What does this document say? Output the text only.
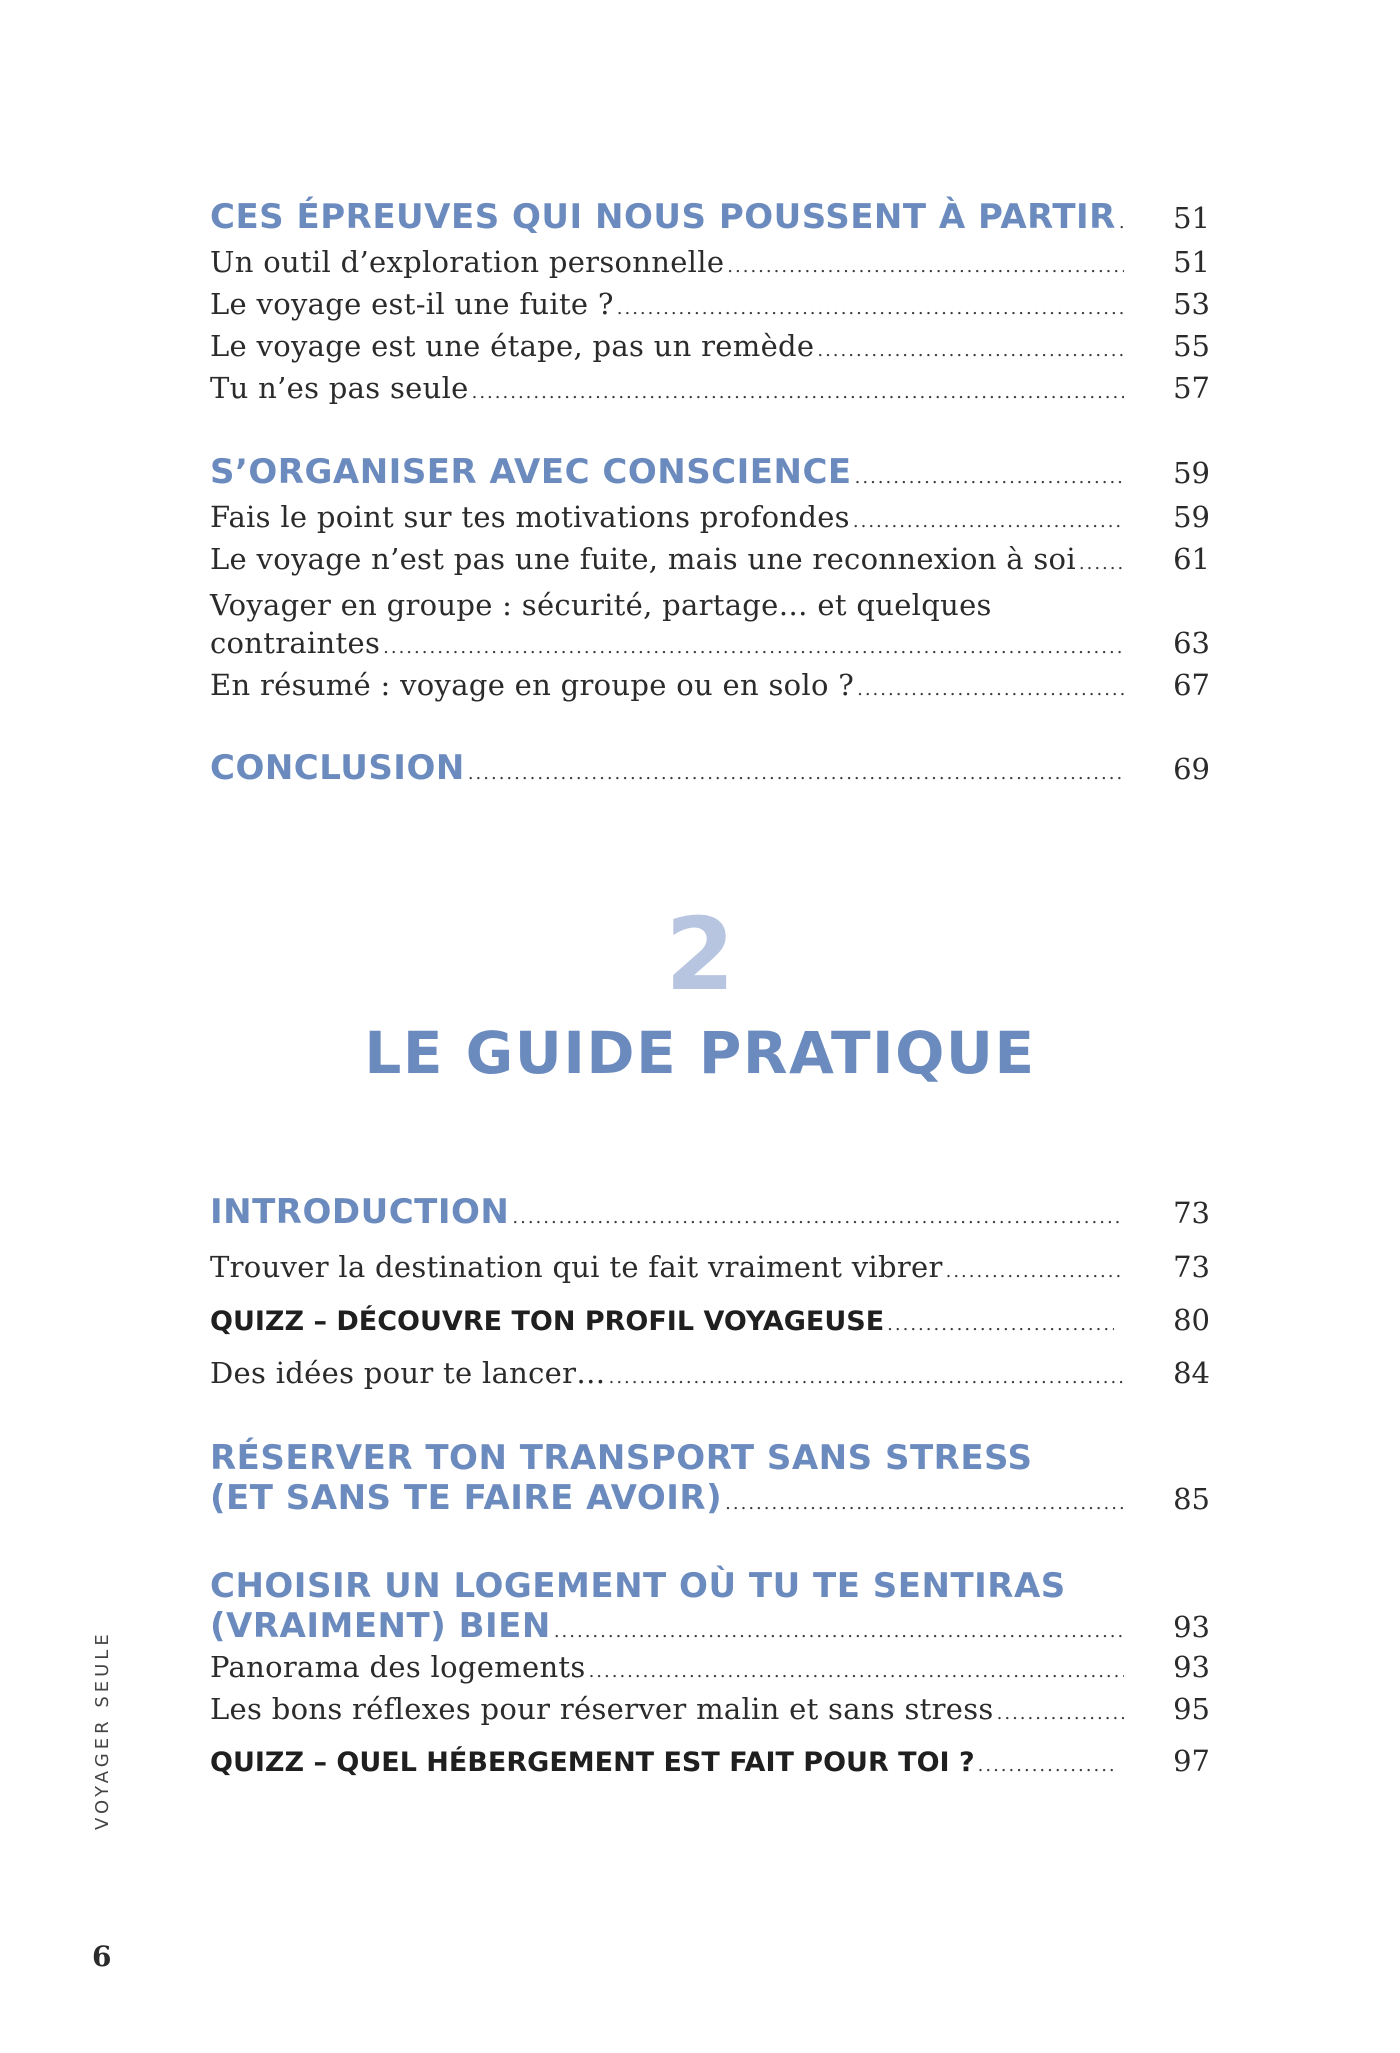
CES ÉPREUVES QUI NOUS POUSSENT À PARTIR .....	51
Un outil d’exploration personnelle .....	51
Le voyage est-il une fuite ? .....	53
Le voyage est une étape, pas un remède .....	55
Tu n’es pas seule .....	57
S’ORGANISER AVEC CONSCIENCE .....	59
Fais le point sur tes motivations profondes .....	59
Le voyage n’est pas une fuite, mais une reconnexion à soi .....	61
Voyager en groupe : sécurité, partage… et quelques
contraintes .....	63
En résumé : voyage en groupe ou en solo ? .....	67
CONCLUSION .....	69
INTRODUCTION .....	73
Trouver la destination qui te fait vraiment vibrer .....	73
QUIZZ – DÉCOUVRE TON PROFIL VOYAGEUSE .....	80
Des idées pour te lancer… .....	84
RÉSERVER TON TRANSPORT SANS STRESS
(ET SANS TE FAIRE AVOIR) .....	85
CHOISIR UN LOGEMENT OÙ TU TE SENTIRAS
(VRAIMENT) BIEN .....	93
Panorama des logements .....	93
Les bons réflexes pour réserver malin et sans stress .....	95
QUIZZ – QUEL HÉBERGEMENT EST FAIT POUR TOI ? .....	97
2
LE GUIDE PRATIQUE
VOYAGER SEULE
6
